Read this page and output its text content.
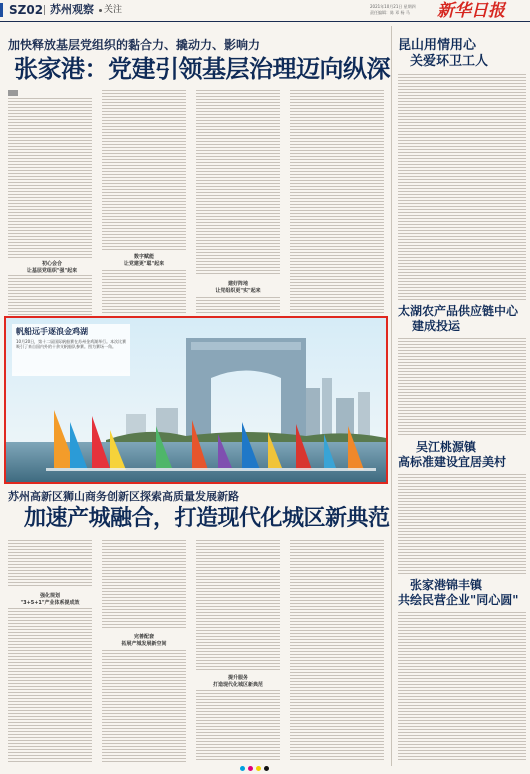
SZ02 苏州观察 关注	2021年10月21日 星期四
责任编辑：陈 邓 杨 马	新华日报
加快释放基层党组织的黏合力、撬动力、影响力
张家港：党建引领基层治理迈向纵深
初心会合
让基层党组织"强"起来
数字赋能
让党建更"聪"起来
建好阵地
让党组织更"实"起来
帆船远手逐浪金鸡湖
10月20日，第十二届国际帆船赛在苏州金鸡湖举行。本次比赛吸引了来自国内外的十余支帆船队参赛。图为赛场一角。
昆山用情用心
关爱环卫工人
太湖农产品供应链中心
建成投运
吴江桃源镇
高标准建设宜居美村
张家港锦丰镇
共绘民营企业"同心圆"
苏州高新区狮山商务创新区探索高质量发展新路
加速产城融合，打造现代化城区新典范
强化规划
"3+5+1"产业体系提成效
完善配套
拓展产城发展新空间
提升服务
打造现代化城区新典范
